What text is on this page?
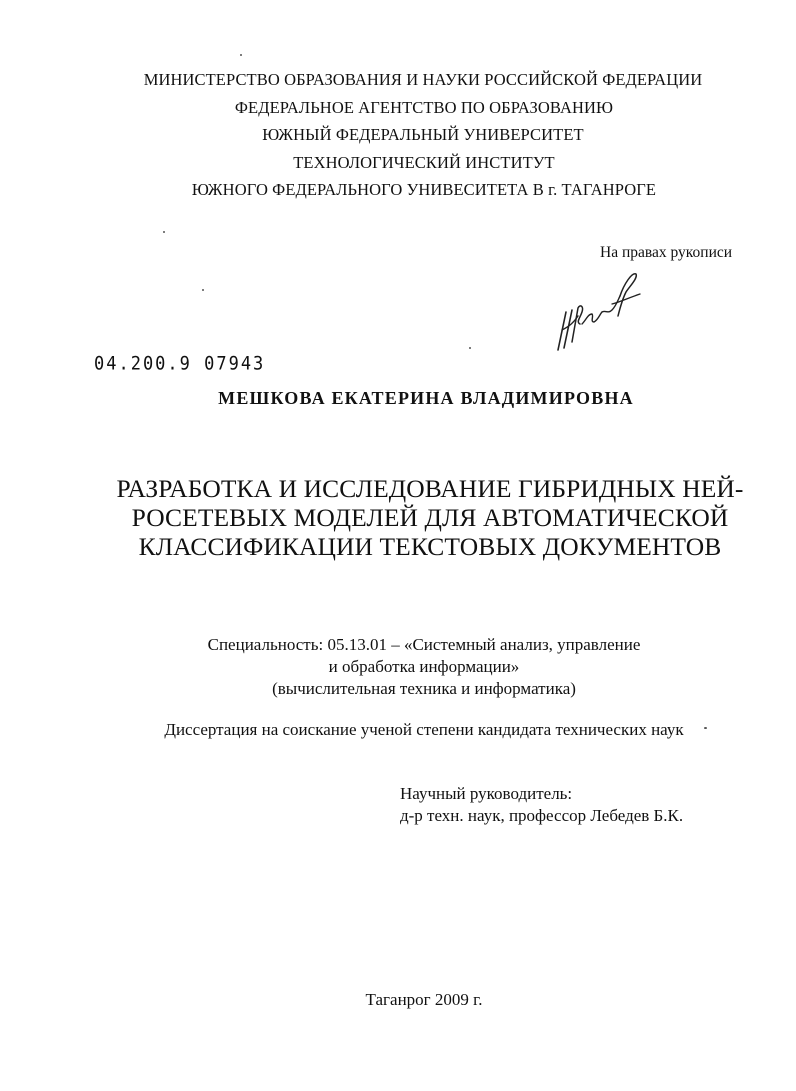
МИНИСТЕРСТВО ОБРАЗОВАНИЯ И НАУКИ РОССИЙСКОЙ ФЕДЕРАЦИИ
ФЕДЕРАЛЬНОЕ АГЕНТСТВО ПО ОБРАЗОВАНИЮ
ЮЖНЫЙ ФЕДЕРАЛЬНЫЙ УНИВЕРСИТЕТ
ТЕХНОЛОГИЧЕСКИЙ ИНСТИТУТ
ЮЖНОГО ФЕДЕРАЛЬНОГО УНИВЕСИТЕТА В г. ТАГАНРОГЕ
На правах рукописи
04.200.9 07943
МЕШКОВА ЕКАТЕРИНА ВЛАДИМИРОВНА
РАЗРАБОТКА И ИССЛЕДОВАНИЕ ГИБРИДНЫХ НЕЙ-
РОСЕТЕВЫХ МОДЕЛЕЙ ДЛЯ АВТОМАТИЧЕСКОЙ
КЛАССИФИКАЦИИ ТЕКСТОВЫХ ДОКУМЕНТОВ
Специальность: 05.13.01 – «Системный анализ, управление
и обработка информации»
(вычислительная техника и информатика)
Диссертация на соискание ученой степени кандидата технических наук
Научный руководитель:
д-р техн. наук, профессор Лебедев Б.К.
Таганрог 2009 г.
